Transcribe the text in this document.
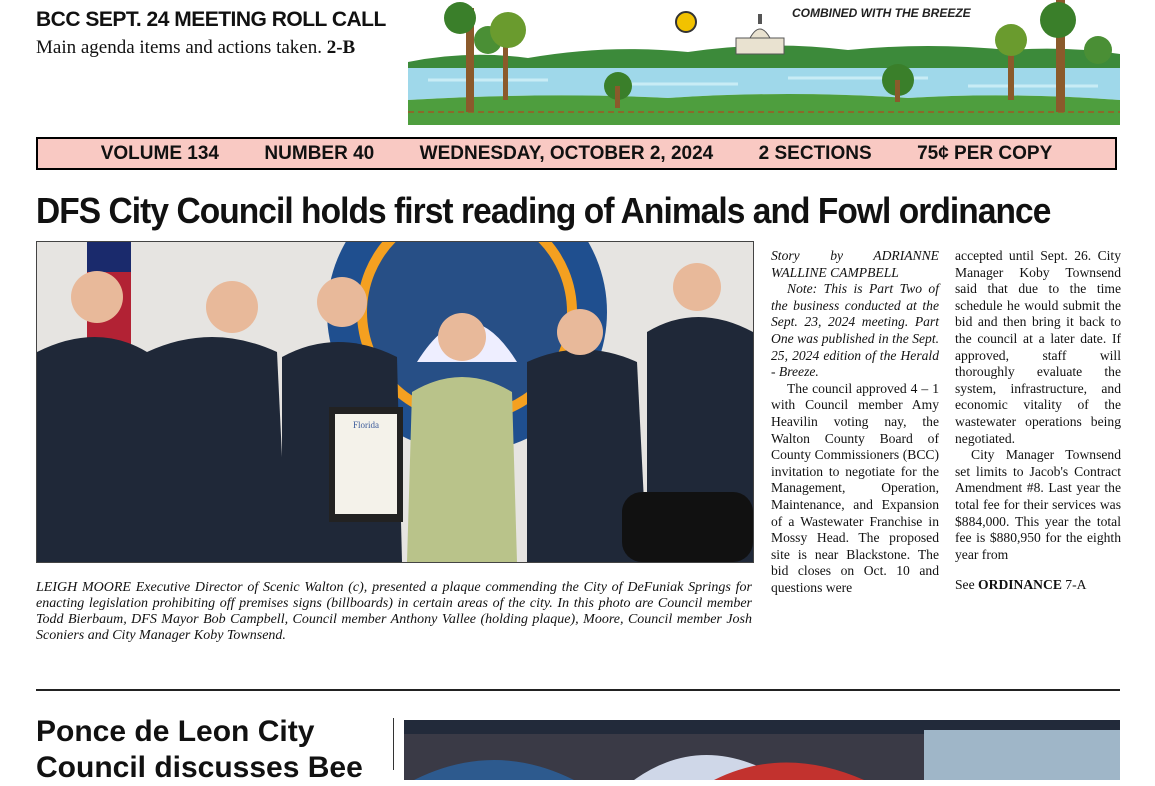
BCC SEPT. 24 MEETING ROLL CALL
Main agenda items and actions taken. 2-B
COMBINED WITH THE BREEZE
VOLUME 134 NUMBER 40 WEDNESDAY, OCTOBER 2, 2024 2 SECTIONS 75¢ PER COPY
DFS City Council holds first reading of Animals and Fowl ordinance
Florida
LEIGH MOORE Executive Director of Scenic Walton (c), presented a plaque commending the City of DeFuniak Springs for enacting legislation prohibiting off premises signs (billboards) in certain areas of the city. In this photo are Council member Todd Bierbaum, DFS Mayor Bob Campbell, Council member Anthony Vallee (holding plaque), Moore, Council member Josh Sconiers and City Manager Koby Townsend.

Story by ADRIANNE WALLINE CAMPBELL

Note: This is Part Two of the business conducted at the Sept. 23, 2024 meeting. Part One was published in the Sept. 25, 2024 edition of the Herald - Breeze.

The council approved 4 – 1 with Council member Amy Heavilin voting nay, the Walton County Board of County Commissioners (BCC) invitation to negotiate for the Management, Operation, Maintenance, and Expansion of a Wastewater Franchise in Mossy Head. The proposed site is near Blackstone. The bid closes on Oct. 10 and questions were

accepted until Sept. 26. City Manager Koby Townsend said that due to the time schedule he would submit the bid and then bring it back to the council at a later date. If approved, staff will thoroughly evaluate the system, infrastructure, and economic vitality of the wastewater operations being negotiated.

City Manager Townsend set limits to Jacob's Contract Amendment #8. Last year the total fee for their services was $884,000. This year the total fee is $880,950 for the eighth year from

See ORDINANCE 7-A

Ponce de Leon City
Council discusses Bee
